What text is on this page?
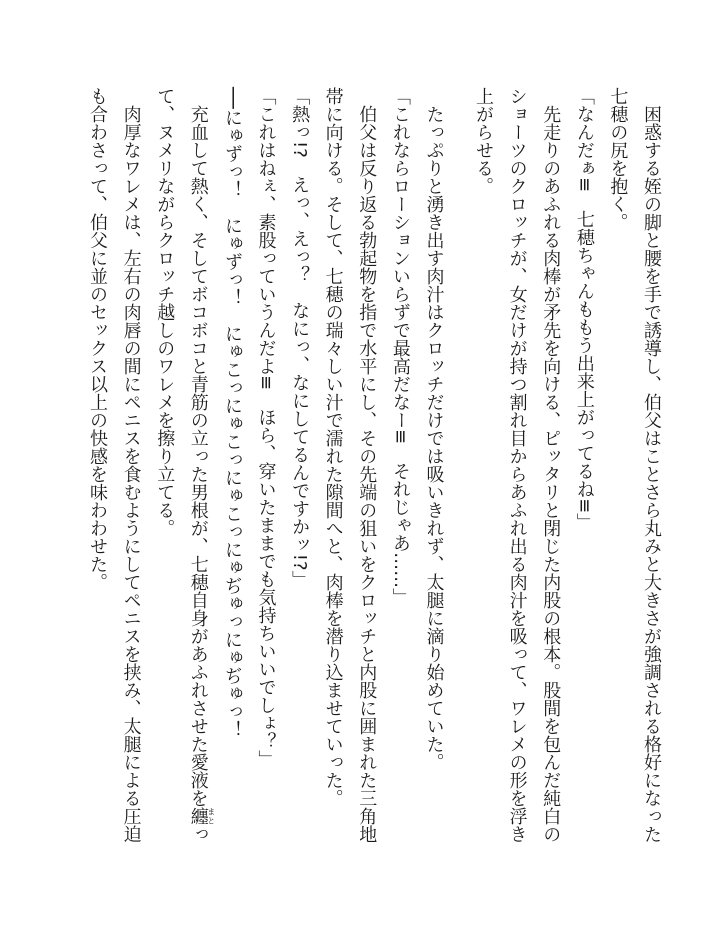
困惑する姪の脚と腰を手で誘導し、伯父はことさら丸みと大きさが強調される格好になった七穂の尻を抱く。

「なんだぁ≡　七穂ちゃんももう出来上がってるね≡」

先走りのあふれる肉棒が矛先を向ける、ピッタリと閉じた内股の根本。股間を包んだ純白のショーツのクロッチが、女だけが持つ割れ目からあふれ出る肉汁を吸って、ワレメの形を浮き上がらせる。

たっぷりと湧き出す肉汁はクロッチだけでは吸いきれず、太腿に滴り始めていた。

「これならローションいらずで最高だなー≡　それじゃあ……」

伯父は反り返る勃起物を指で水平にし、その先端の狙いをクロッチと内股に囲まれた三角地帯に向ける。そして、七穂の瑞々しい汁で濡れた隙間へと、肉棒を潜り込ませていった。

「熱っ!?　えっ、えっ？　なにっ、なにしてるんですかッ!?」

「これはねぇ、素股っていうんだよ≡　ほら、穿いたままでも気持ちいいでしょ？」

──にゅずっ！　にゅずっ！　にゅこっにゅこっにゅこっにゅぢゅっにゅぢゅっ！

充血して熱く、そしてボコボコと青筋の立った男根が、七穂自身があふれさせた愛液を纏まとって、ヌメリながらクロッチ越しのワレメを擦り立てる。

肉厚なワレメは、左右の肉唇の間にペニスを食むようにしてペニスを挟み、太腿による圧迫も合わさって、伯父に並のセックス以上の快感を味わわせた。
